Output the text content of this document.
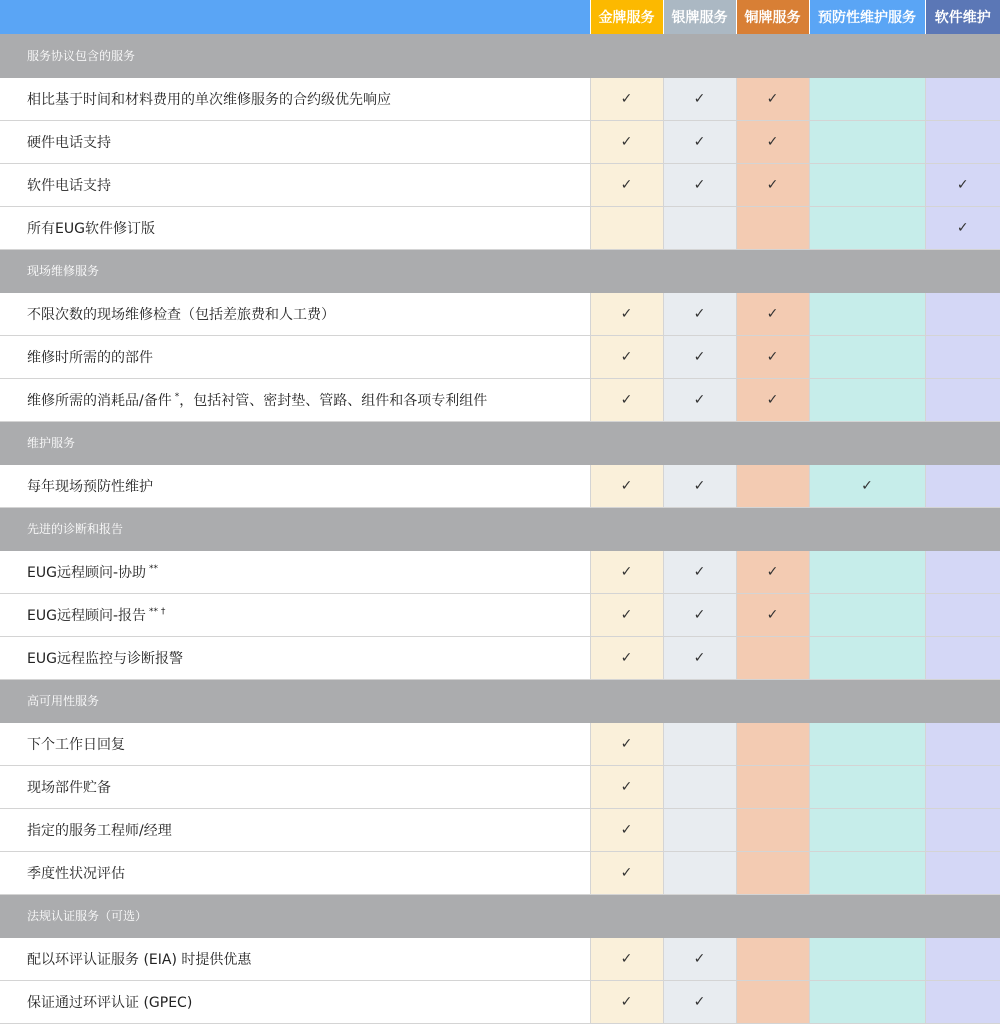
	金牌服务	银牌服务	铜牌服务	预防性维护服务	软件维护
服务协议包含的服务					
相比基于时间和材料费用的单次维修服务的合约级优先响应	✓	✓	✓		
硬件电话支持	✓	✓	✓		
软件电话支持	✓	✓	✓		✓
所有EUG软件修订版					✓
现场维修服务					
不限次数的现场维修检查（包括差旅费和人工费）	✓	✓	✓		
维修时所需的的部件	✓	✓	✓		
维修所需的消耗品/备件 *，包括衬管、密封垫、管路、组件和各项专利组件	✓	✓	✓		
维护服务					
每年现场预防性维护	✓	✓		✓	
先进的诊断和报告					
EUG远程顾问-协助 **	✓	✓	✓		
EUG远程顾问-报告 ** †	✓	✓	✓		
EUG远程监控与诊断报警	✓	✓			
高可用性服务					
下个工作日回复	✓				
现场部件贮备	✓				
指定的服务工程师/经理	✓				
季度性状况评估	✓				
法规认证服务（可选）					
配以环评认证服务 (EIA) 时提供优惠	✓	✓			
保证通过环评认证 (GPEC)	✓	✓			
